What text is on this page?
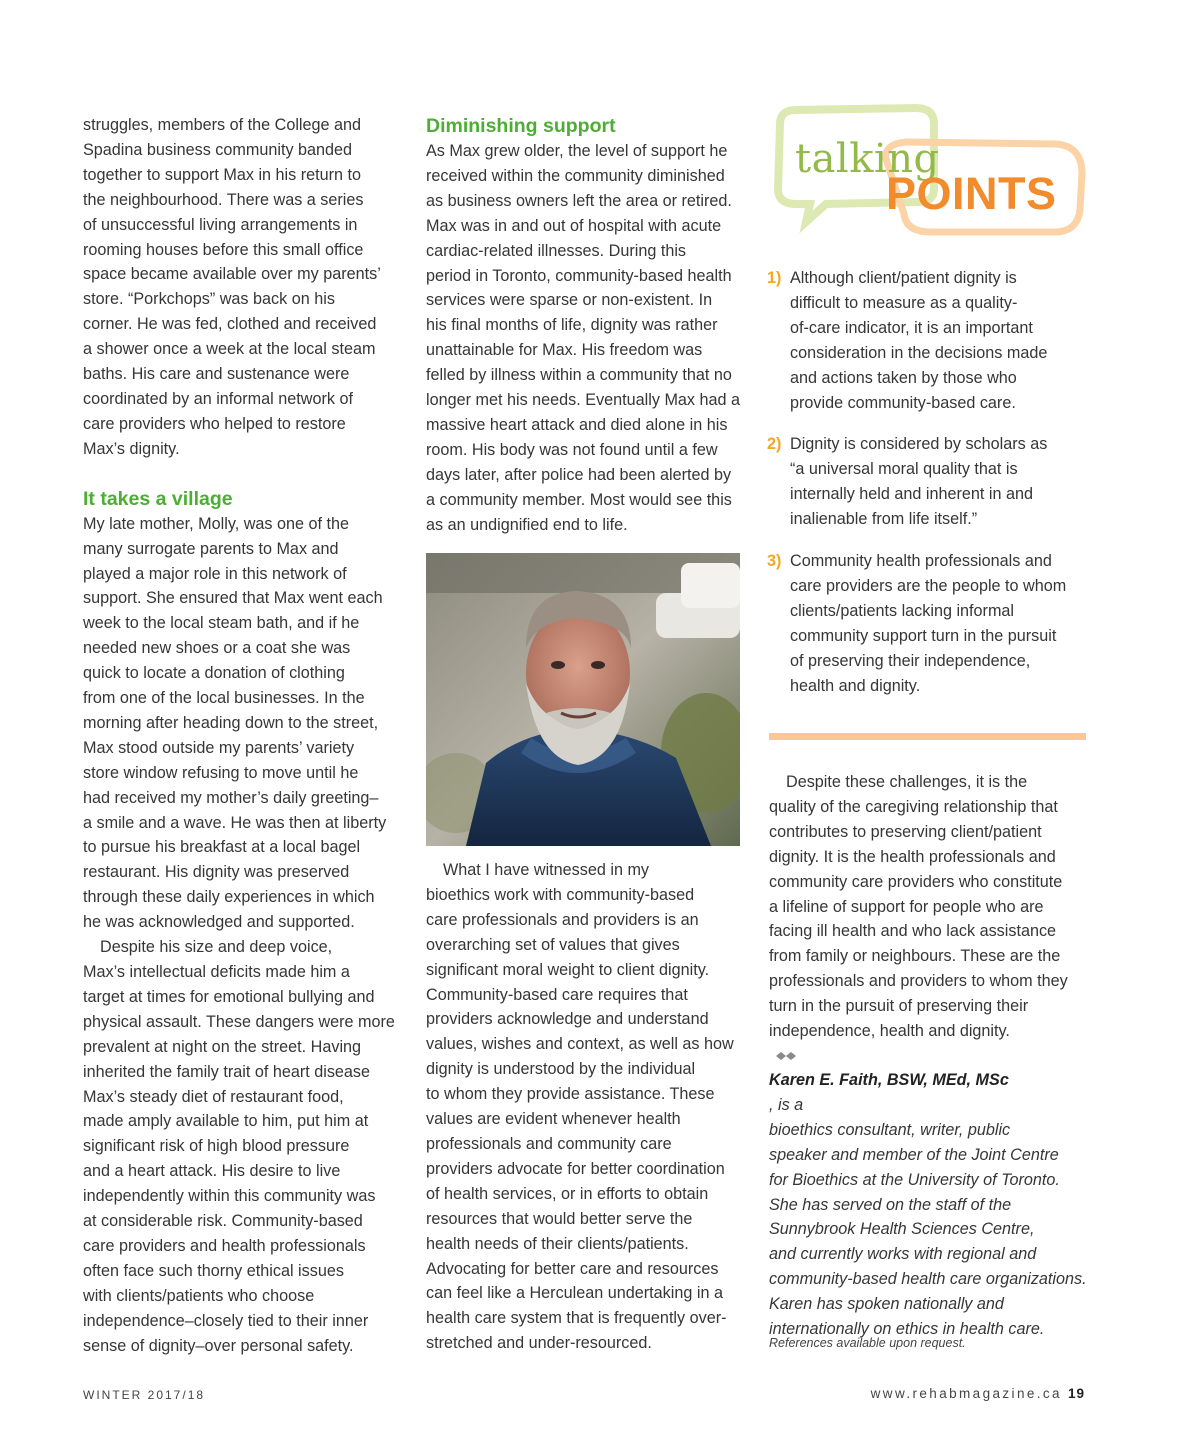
struggles, members of the College and
Spadina business community banded
together to support Max in his return to
the neighbourhood. There was a series
of unsuccessful living arrangements in
rooming houses before this small office
space became available over my parents’
store. “Porkchops” was back on his
corner. He was fed, clothed and received
a shower once a week at the local steam
baths. His care and sustenance were
coordinated by an informal network of
care providers who helped to restore
Max’s dignity.
It takes a village
My late mother, Molly, was one of the
many surrogate parents to Max and
played a major role in this network of
support. She ensured that Max went each
week to the local steam bath, and if he
needed new shoes or a coat she was
quick to locate a donation of clothing
from one of the local businesses. In the
morning after heading down to the street,
Max stood outside my parents’ variety
store window refusing to move until he
had received my mother’s daily greeting–
a smile and a wave. He was then at liberty
to pursue his breakfast at a local bagel
restaurant. His dignity was preserved
through these daily experiences in which
he was acknowledged and supported.
Despite his size and deep voice,
Max’s intellectual deficits made him a
target at times for emotional bullying and
physical assault. These dangers were more
prevalent at night on the street. Having
inherited the family trait of heart disease
Max’s steady diet of restaurant food,
made amply available to him, put him at
significant risk of high blood pressure
and a heart attack. His desire to live
independently within this community was
at considerable risk. Community-based
care providers and health professionals
often face such thorny ethical issues
with clients/patients who choose
independence–closely tied to their inner
sense of dignity–over personal safety.
Diminishing support
As Max grew older, the level of support he
received within the community diminished
as business owners left the area or retired.
Max was in and out of hospital with acute
cardiac-related illnesses. During this
period in Toronto, community-based health
services were sparse or non-existent. In
his final months of life, dignity was rather
unattainable for Max. His freedom was
felled by illness within a community that no
longer met his needs. Eventually Max had a
massive heart attack and died alone in his
room. His body was not found until a few
days later, after police had been alerted by
a community member. Most would see this
as an undignified end to life.
What I have witnessed in my
bioethics work with community-based
care professionals and providers is an
overarching set of values that gives
significant moral weight to client dignity.
Community-based care requires that
providers acknowledge and understand
values, wishes and context, as well as how
dignity is understood by the individual
to whom they provide assistance. These
values are evident whenever health
professionals and community care
providers advocate for better coordination
of health services, or in efforts to obtain
resources that would better serve the
health needs of their clients/patients.
Advocating for better care and resources
can feel like a Herculean undertaking in a
health care system that is frequently over-
stretched and under-resourced.
talking
POINTS
1) Although client/patient dignity is
difficult to measure as a quality-
of-care indicator, it is an important
consideration in the decisions made
and actions taken by those who
provide community-based care.
2) Dignity is considered by scholars as
“a universal moral quality that is
internally held and inherent in and
inalienable from life itself.”
3) Community health professionals and
care providers are the people to whom
clients/patients lacking informal
community support turn in the pursuit
of preserving their independence,
health and dignity.
Despite these challenges, it is the
quality of the caregiving relationship that
contributes to preserving client/patient
dignity. It is the health professionals and
community care providers who constitute
a lifeline of support for people who are
facing ill health and who lack assistance
from family or neighbours. These are the
professionals and providers to whom they
turn in the pursuit of preserving their
independence, health and dignity.
Karen E. Faith, BSW, MEd, MSc
, is a
bioethics consultant, writer, public
speaker and member of the Joint Centre
for Bioethics at the University of Toronto.
She has served on the staff of the
Sunnybrook Health Sciences Centre,
and currently works with regional and
community-based health care organizations.
Karen has spoken nationally and
internationally on ethics in health care.
References available upon request.
WINTER 2017/18	www.rehabmagazine.ca 19
